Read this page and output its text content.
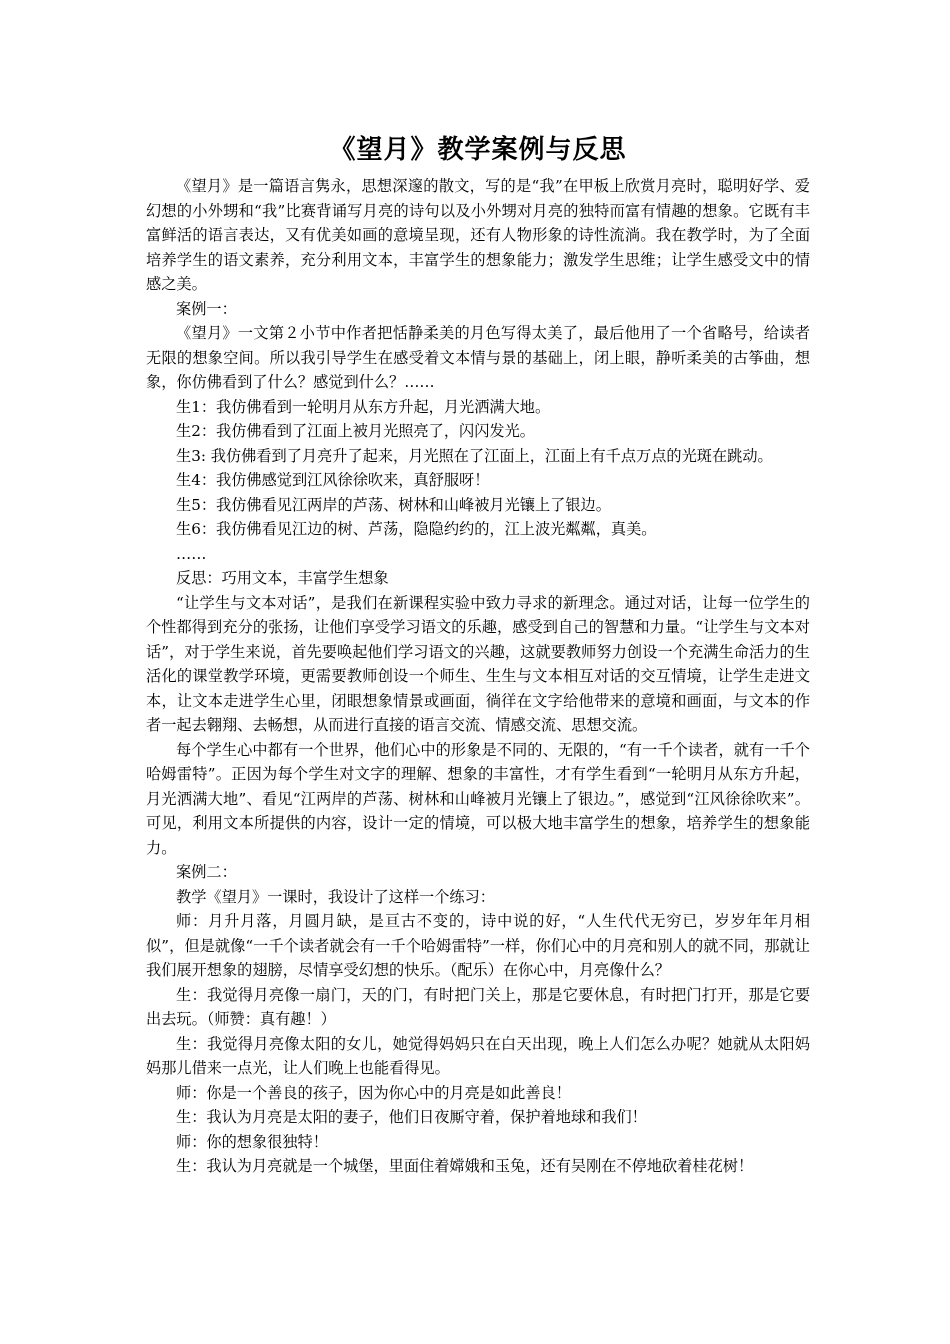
《望月》教学案例与反思

《望月》是一篇语言隽永，思想深邃的散文，写的是“我”在甲板上欣赏月亮时，聪明好学、爱幻想的小外甥和“我”比赛背诵写月亮的诗句以及小外甥对月亮的独特而富有情趣的想象。它既有丰富鲜活的语言表达，又有优美如画的意境呈现，还有人物形象的诗性流淌。我在教学时，为了全面培养学生的语文素养，充分利用文本，丰富学生的想象能力；激发学生思维；让学生感受文中的情感之美。

案例一：

《望月》一文第２小节中作者把恬静柔美的月色写得太美了，最后他用了一个省略号，给读者无限的想象空间。所以我引导学生在感受着文本情与景的基础上，闭上眼，静听柔美的古筝曲，想象，你仿佛看到了什么？感觉到什么？……

生1：我仿佛看到一轮明月从东方升起，月光洒满大地。

生2：我仿佛看到了江面上被月光照亮了，闪闪发光。

生3: 我仿佛看到了月亮升了起来，月光照在了江面上，江面上有千点万点的光斑在跳动。

生4：我仿佛感觉到江风徐徐吹来，真舒服呀！

生5：我仿佛看见江两岸的芦荡、树林和山峰被月光镶上了银边。

生6：我仿佛看见江边的树、芦荡，隐隐约约的，江上波光粼粼，真美。

……

反思：巧用文本，丰富学生想象

“让学生与文本对话”，是我们在新课程实验中致力寻求的新理念。通过对话，让每一位学生的个性都得到充分的张扬，让他们享受学习语文的乐趣，感受到自己的智慧和力量。“让学生与文本对话”，对于学生来说，首先要唤起他们学习语文的兴趣，这就要教师努力创设一个充满生命活力的生活化的课堂教学环境，更需要教师创设一个师生、生生与文本相互对话的交互情境，让学生走进文本，让文本走进学生心里，闭眼想象情景或画面，徜徉在文字给他带来的意境和画面，与文本的作者一起去翱翔、去畅想，从而进行直接的语言交流、情感交流、思想交流。

每个学生心中都有一个世界，他们心中的形象是不同的、无限的，“有一千个读者，就有一千个哈姆雷特”。正因为每个学生对文字的理解、想象的丰富性，才有学生看到“一轮明月从东方升起，月光洒满大地”、看见“江两岸的芦荡、树林和山峰被月光镶上了银边。”，感觉到“江风徐徐吹来”。可见，利用文本所提供的内容，设计一定的情境，可以极大地丰富学生的想象，培养学生的想象能力。

案例二：

教学《望月》一课时，我设计了这样一个练习：

师：月升月落，月圆月缺，是亘古不变的，诗中说的好，“人生代代无穷已，岁岁年年月相似”，但是就像“一千个读者就会有一千个哈姆雷特”一样，你们心中的月亮和别人的就不同，那就让我们展开想象的翅膀，尽情享受幻想的快乐。（配乐）在你心中，月亮像什么？

生：我觉得月亮像一扇门，天的门，有时把门关上，那是它要休息，有时把门打开，那是它要出去玩。（师赞：真有趣！）

生：我觉得月亮像太阳的女儿，她觉得妈妈只在白天出现，晚上人们怎么办呢？她就从太阳妈妈那儿借来一点光，让人们晚上也能看得见。

师：你是一个善良的孩子，因为你心中的月亮是如此善良！

生：我认为月亮是太阳的妻子，他们日夜厮守着，保护着地球和我们！

师：你的想象很独特！

生：我认为月亮就是一个城堡，里面住着嫦娥和玉兔，还有吴刚在不停地砍着桂花树！
